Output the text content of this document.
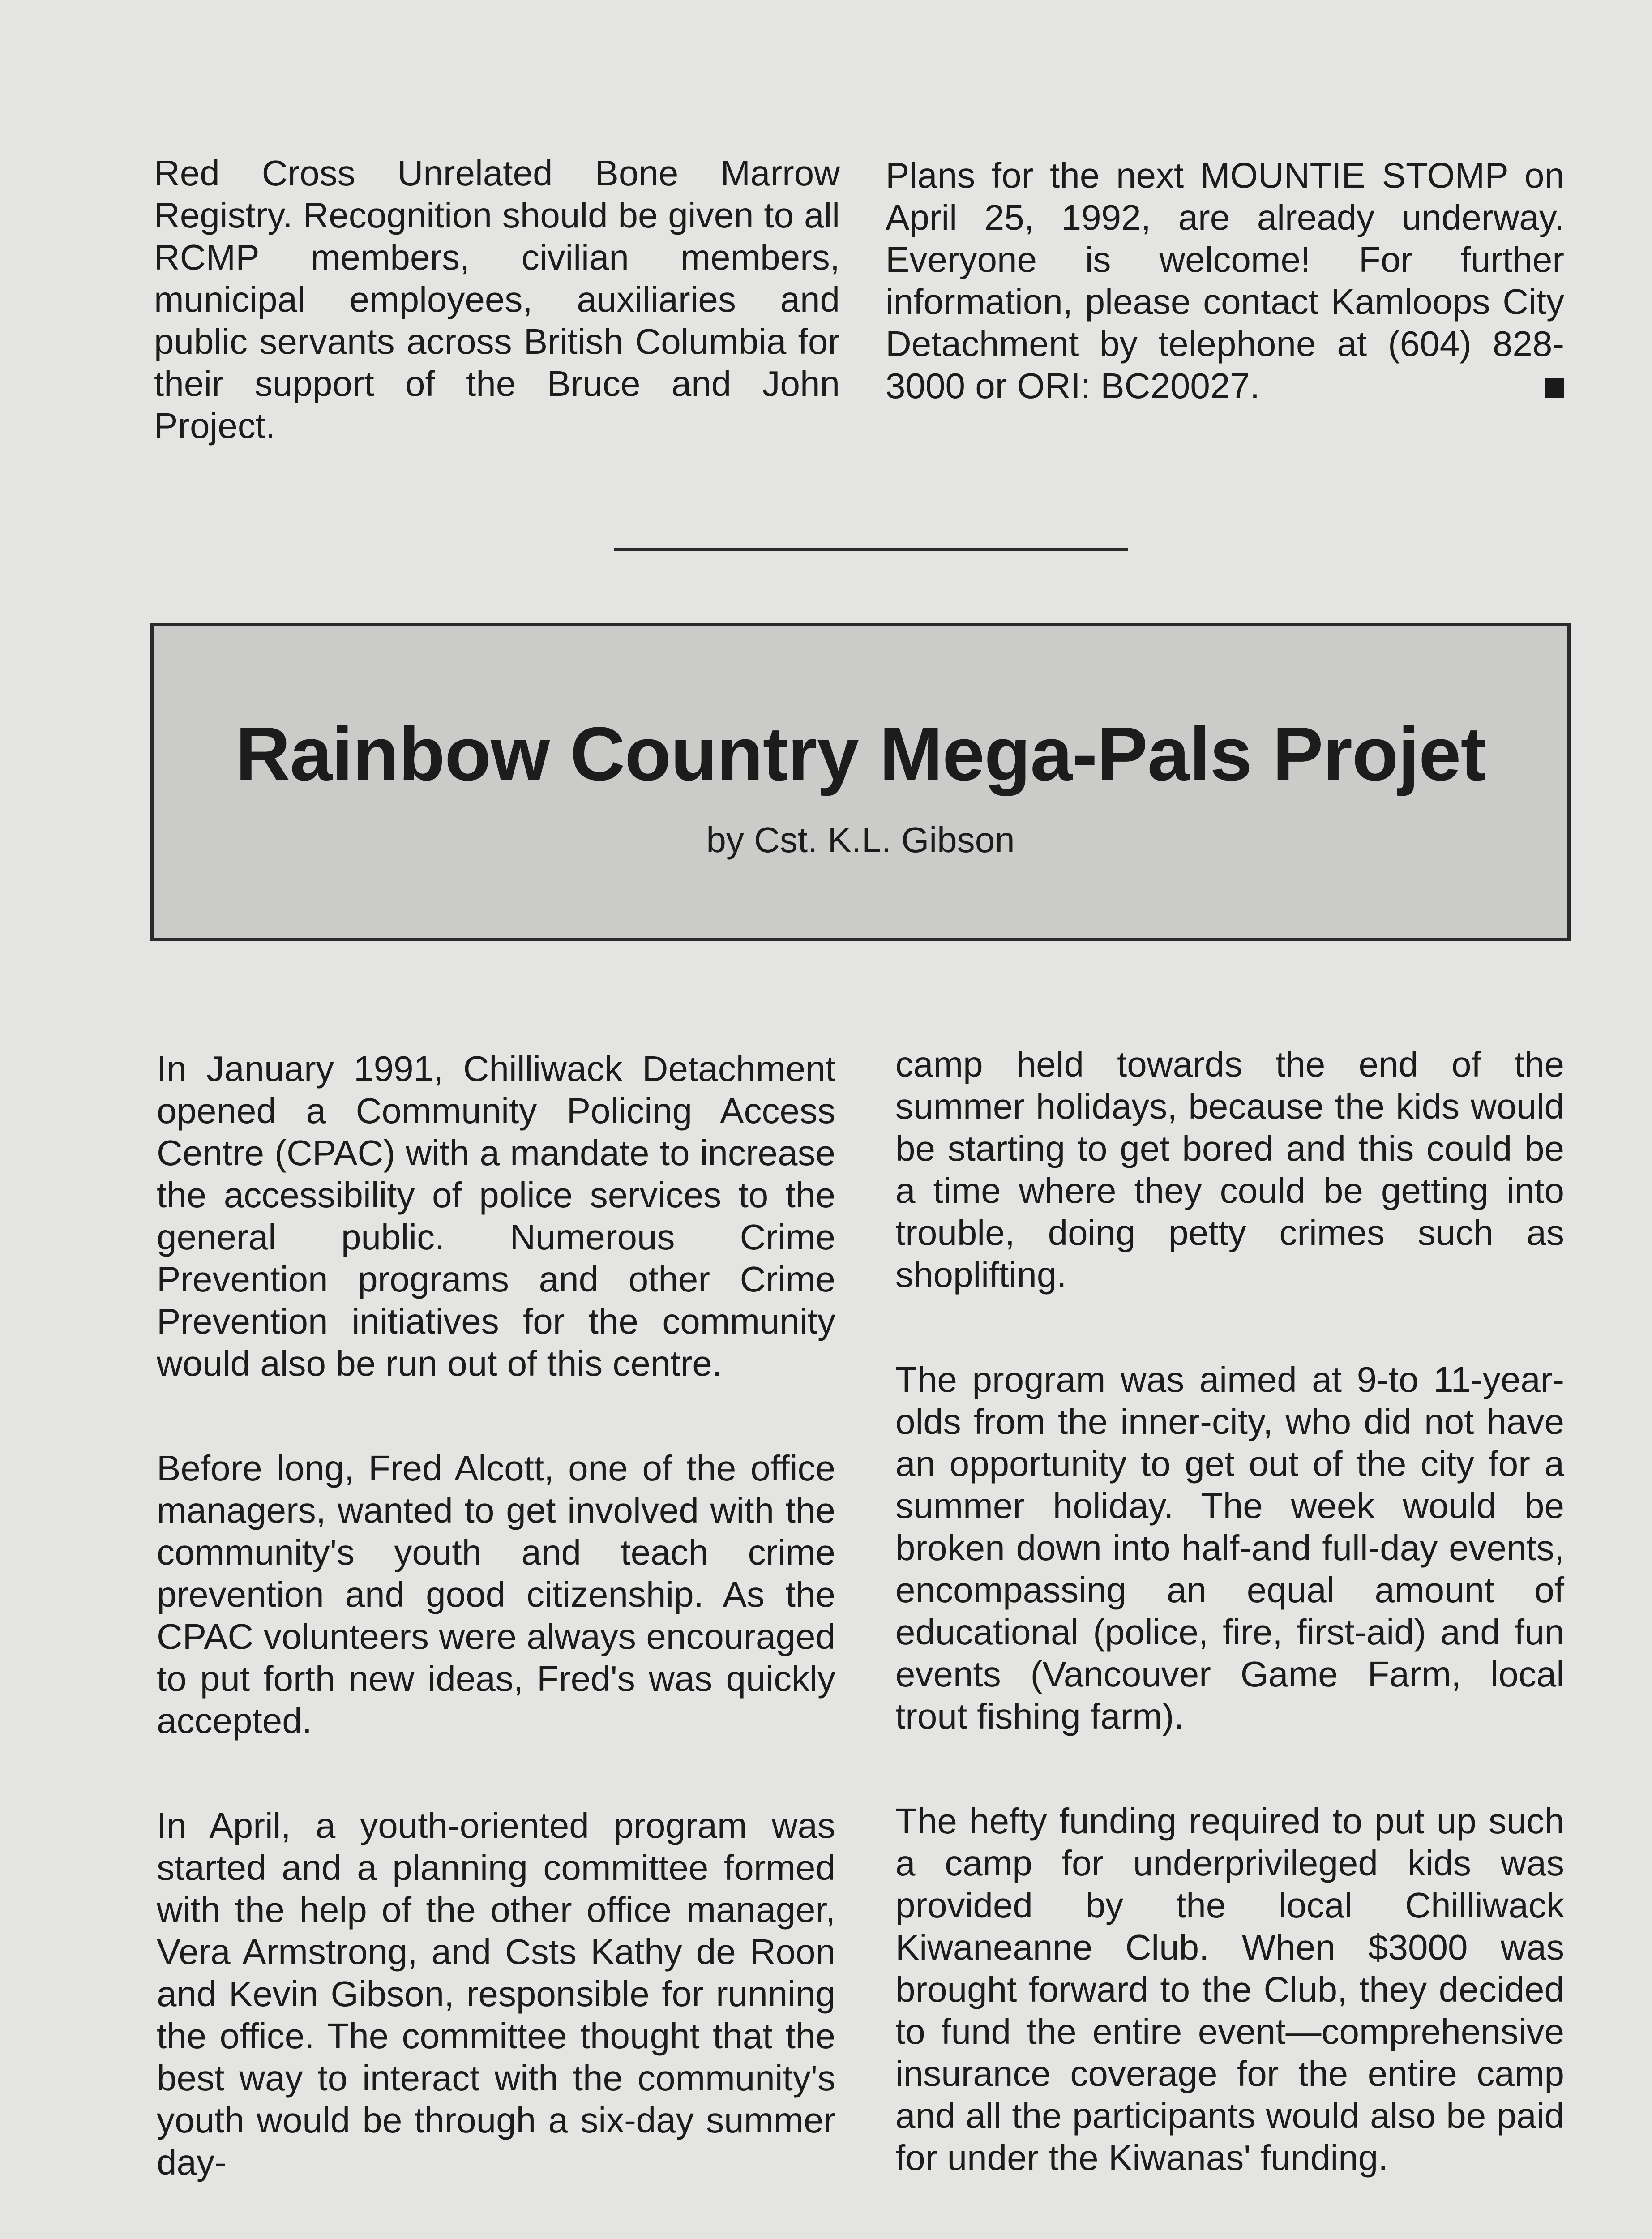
Red Cross Unrelated Bone Marrow Registry. Recognition should be given to all RCMP members, civilian members, municipal employees, auxiliaries and public servants across British Columbia for their support of the Bruce and John Project.

Plans for the next MOUNTIE STOMP on April 25, 1992, are already underway. Everyone is welcome! For further information, please contact Kamloops City Detachment by telephone at (604) 828-3000 or ORI: BC20027.

Rainbow Country Mega-Pals Projet
by Cst. K.L. Gibson

In January 1991, Chilliwack Detachment opened a Community Policing Access Centre (CPAC) with a mandate to increase the accessibility of police services to the general public. Numerous Crime Prevention programs and other Crime Prevention initiatives for the community would also be run out of this centre.

Before long, Fred Alcott, one of the office managers, wanted to get involved with the community's youth and teach crime prevention and good citizenship. As the CPAC volunteers were always encouraged to put forth new ideas, Fred's was quickly accepted.

In April, a youth-oriented program was started and a planning committee formed with the help of the other office manager, Vera Armstrong, and Csts Kathy de Roon and Kevin Gibson, responsible for running the office. The committee thought that the best way to interact with the community's youth would be through a six-day summer day-

camp held towards the end of the summer holidays, because the kids would be starting to get bored and this could be a time where they could be getting into trouble, doing petty crimes such as shoplifting.

The program was aimed at 9-to 11-year-olds from the inner-city, who did not have an opportunity to get out of the city for a summer holiday. The week would be broken down into half-and full-day events, encompassing an equal amount of educational (police, fire, first-aid) and fun events (Vancouver Game Farm, local trout fishing farm).

The hefty funding required to put up such a camp for underprivileged kids was provided by the local Chilliwack Kiwaneanne Club. When $3000 was brought forward to the Club, they decided to fund the entire event—comprehensive insurance coverage for the entire camp and all the participants would also be paid for under the Kiwanas' funding.
